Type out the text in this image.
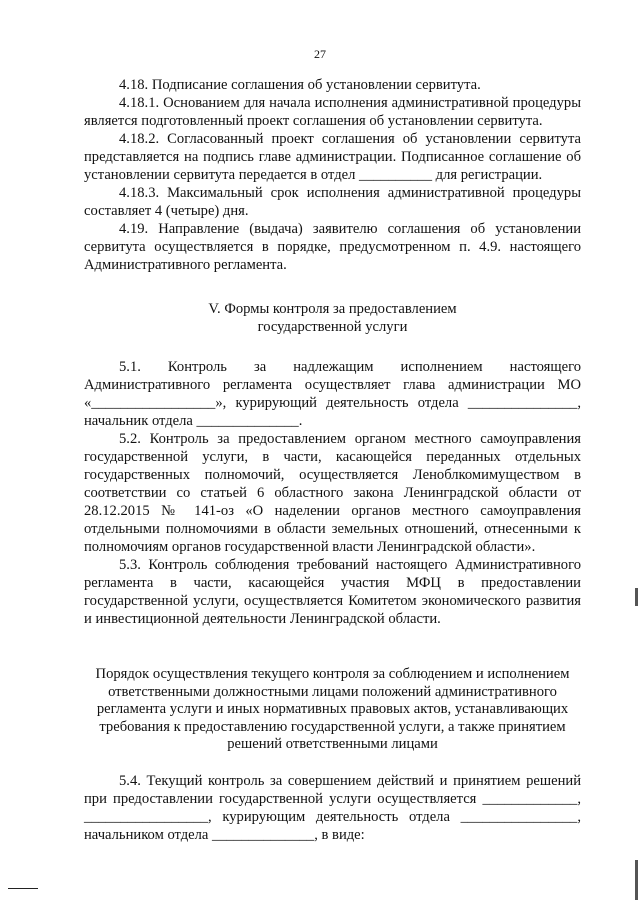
27

4.18. Подписание соглашения об установлении сервитута.

4.18.1. Основанием для начала исполнения административной процедуры является подготовленный проект соглашения об установлении сервитута.

4.18.2. Согласованный проект соглашения об установлении сервитута представляется на подпись главе администрации. Подписанное соглашение об установлении сервитута передается в отдел __________ для регистрации.

4.18.3. Максимальный срок исполнения административной процедуры составляет 4 (четыре) дня.

4.19. Направление (выдача) заявителю соглашения об установлении сервитута осуществляется в порядке, предусмотренном п. 4.9. настоящего Административного регламента.

V. Формы контроля за предоставлением
государственной услуги

5.1. Контроль за надлежащим исполнением настоящего Административного регламента осуществляет глава администрации МО «_________________», курирующий деятельность отдела _______________, начальник отдела ______________.

5.2. Контроль за предоставлением органом местного самоуправления государственной услуги, в части, касающейся переданных отдельных государственных полномочий, осуществляется Леноблкомимуществом в соответствии со статьей 6 областного закона Ленинградской области от 28.12.2015 № 141-оз «О наделении органов местного самоуправления отдельными полномочиями в области земельных отношений, отнесенными к полномочиям органов государственной власти Ленинградской области».

5.3. Контроль соблюдения требований настоящего Административного регламента в части, касающейся участия МФЦ в предоставлении государственной услуги, осуществляется Комитетом экономического развития и инвестиционной деятельности Ленинградской области.

Порядок осуществления текущего контроля за соблюдением и исполнением
ответственными должностными лицами положений административного
регламента услуги и иных нормативных правовых актов, устанавливающих
требования к предоставлению государственной услуги, а также принятием
решений ответственными лицами

5.4. Текущий контроль за совершением действий и принятием решений при предоставлении государственной услуги осуществляется _____________, _________________, курирующим деятельность отдела ________________, начальником отдела ______________, в виде:
